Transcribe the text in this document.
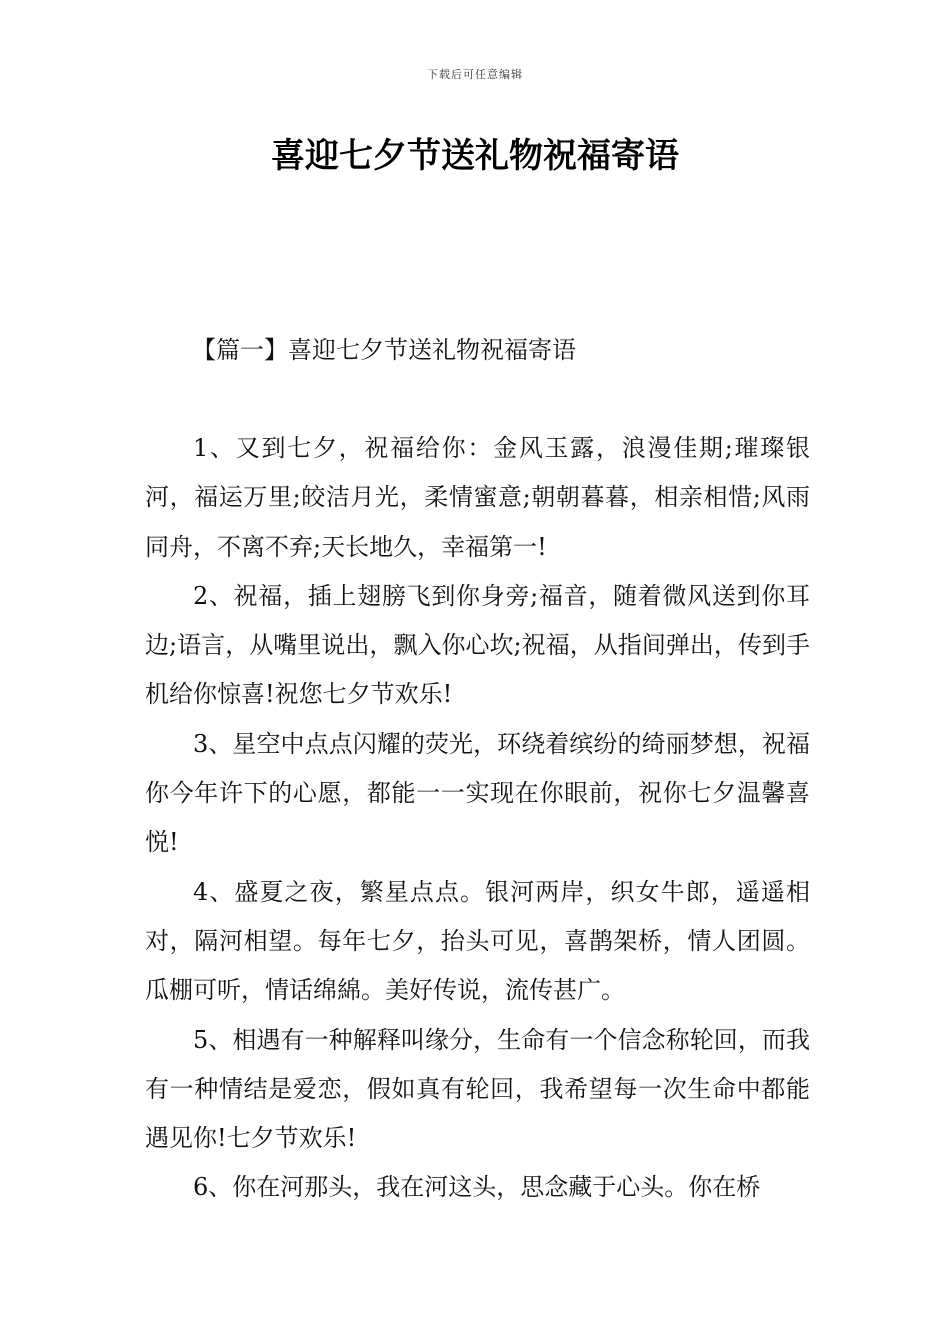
下载后可任意编辑
喜迎七夕节送礼物祝福寄语
【篇一】喜迎七夕节送礼物祝福寄语

1、又到七夕，祝福给你：金风玉露，浪漫佳期;璀璨银河，福运万里;皎洁月光，柔情蜜意;朝朝暮暮，相亲相惜;风雨同舟，不离不弃;天长地久，幸福第一!

2、祝福，插上翅膀飞到你身旁;福音，随着微风送到你耳边;语言，从嘴里说出，飘入你心坎;祝福，从指间弹出，传到手机给你惊喜!祝您七夕节欢乐!

3、星空中点点闪耀的荧光，环绕着缤纷的绮丽梦想，祝福你今年许下的心愿，都能一一实现在你眼前，祝你七夕温馨喜悦!

4、盛夏之夜，繁星点点。银河两岸，织女牛郎，遥遥相对，隔河相望。每年七夕，抬头可见，喜鹊架桥，情人团圆。瓜棚可听，情话绵綿。美好传说，流传甚广。

5、相遇有一种解释叫缘分，生命有一个信念称轮回，而我有一种情结是爱恋，假如真有轮回，我希望每一次生命中都能遇见你!七夕节欢乐!

6、你在河那头，我在河这头，思念藏于心头。你在桥
